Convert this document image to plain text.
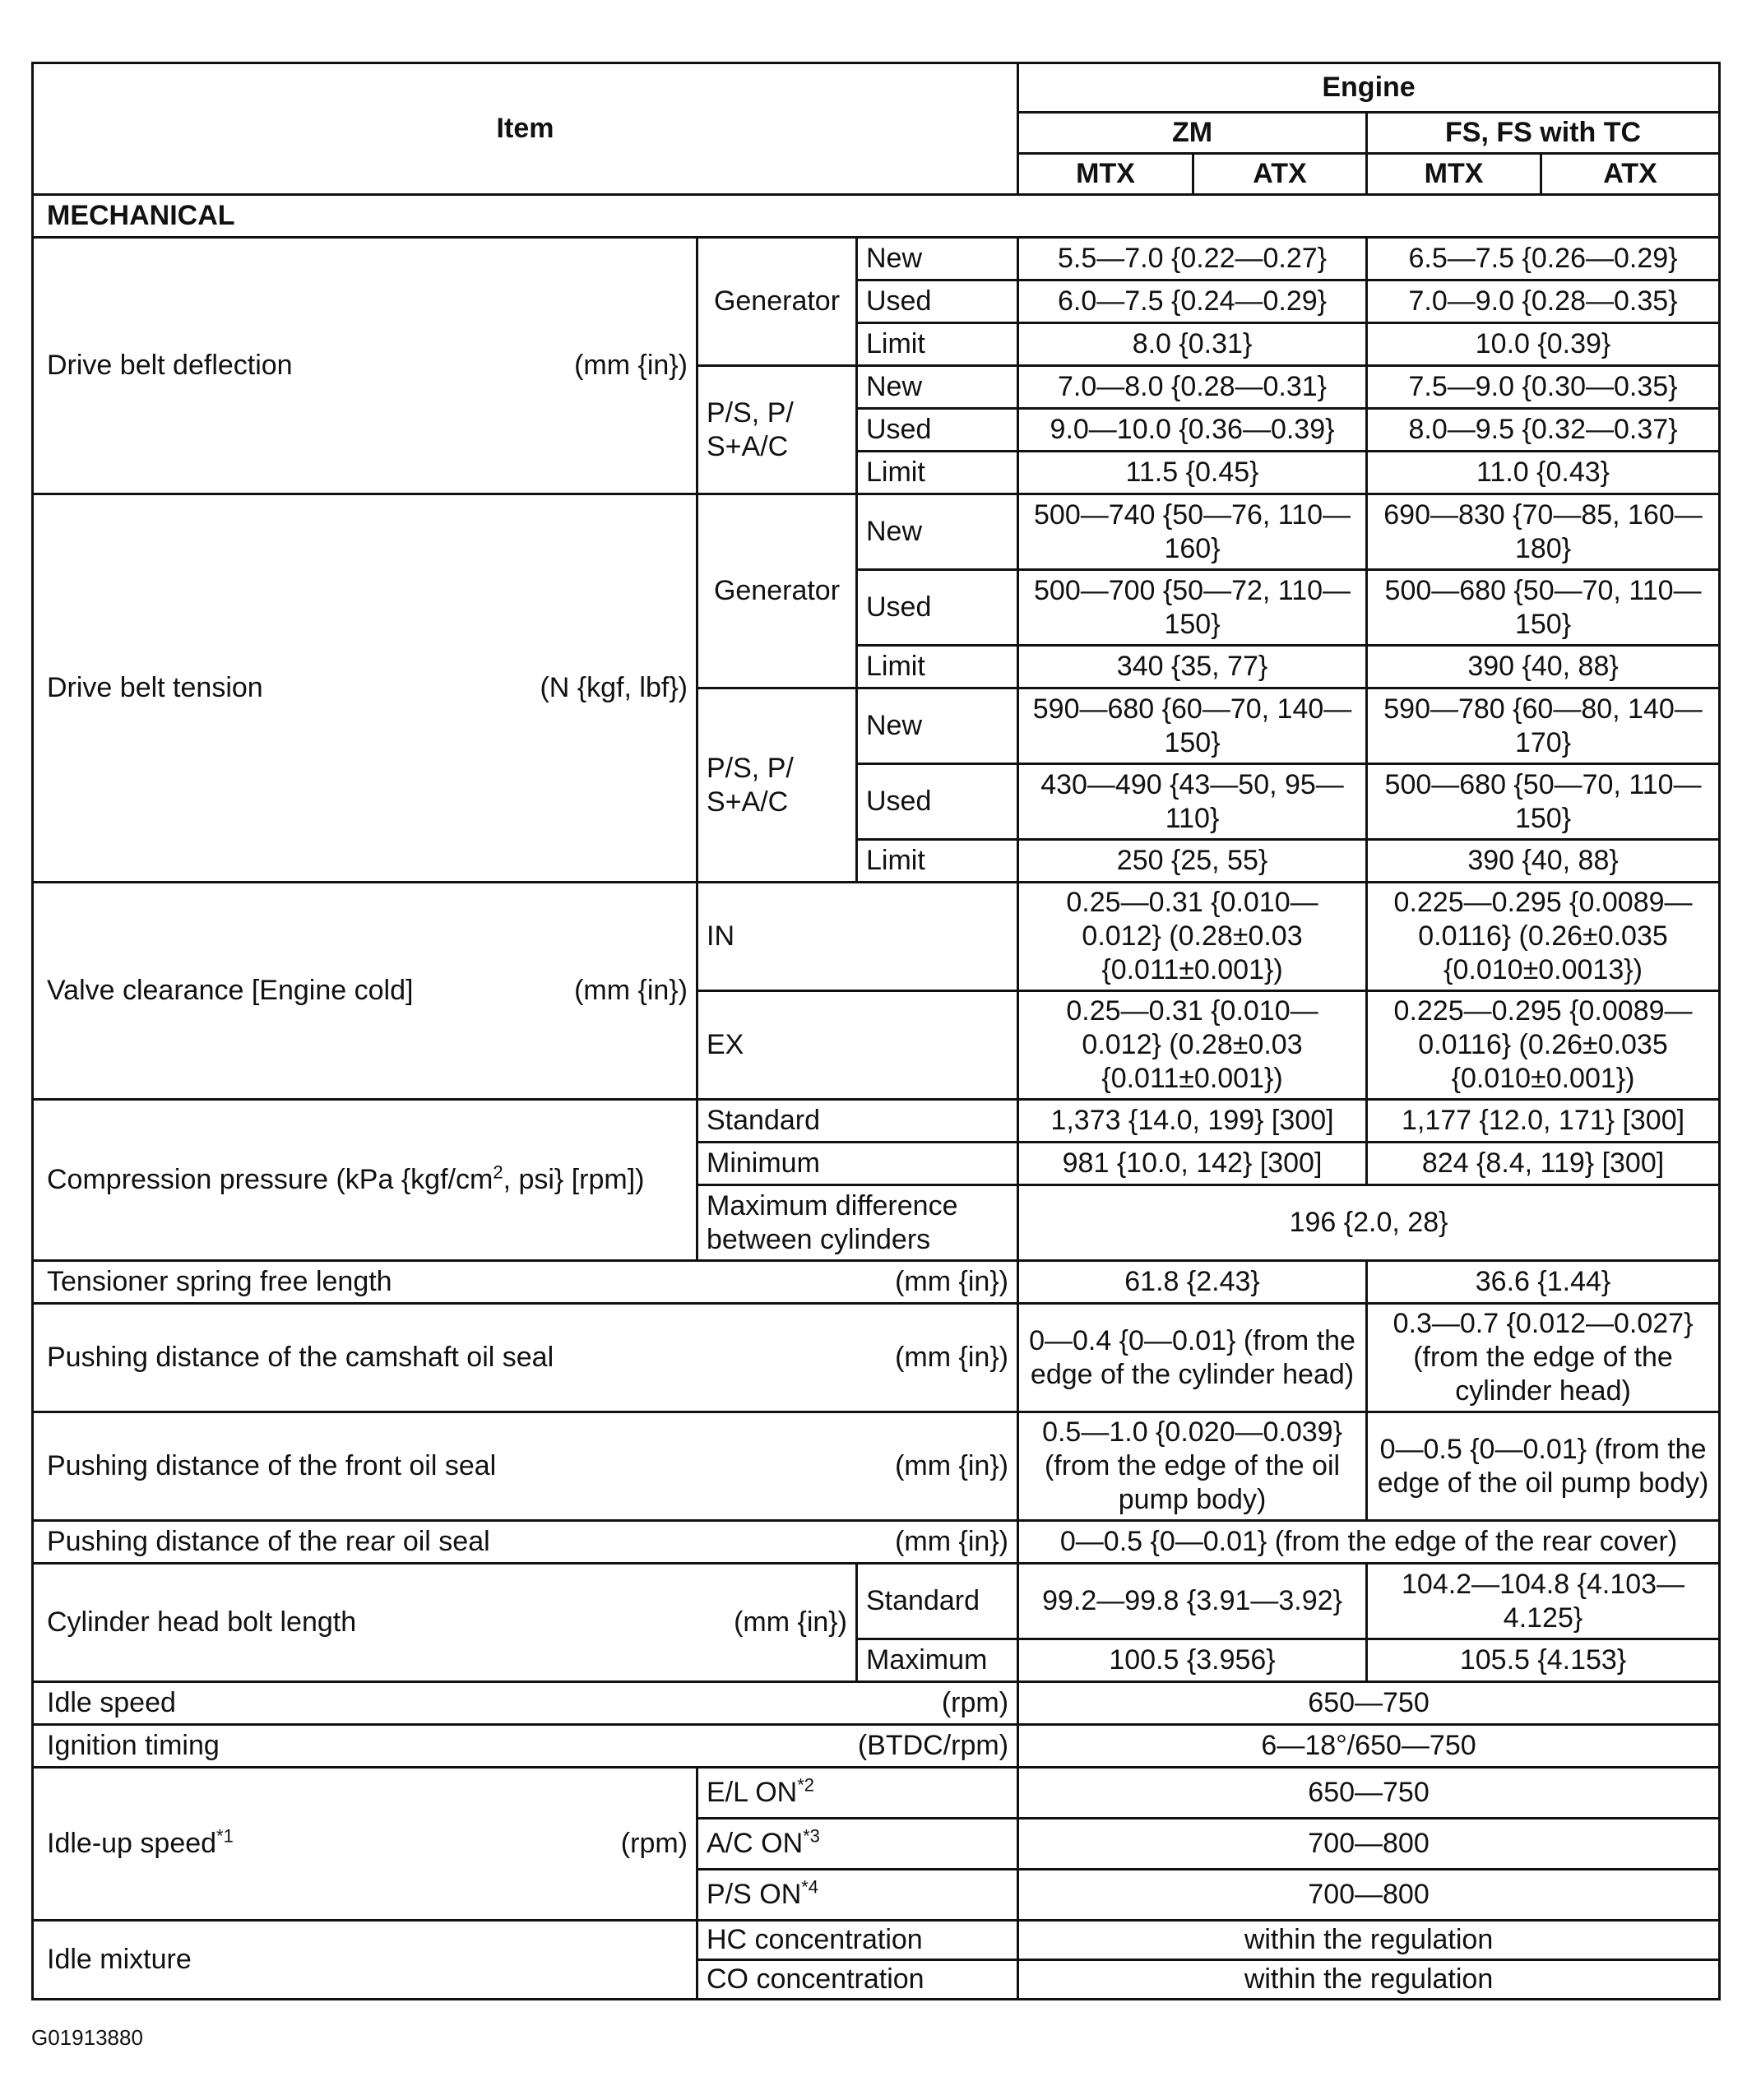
Item			Engine			
			ZM		FS, FS with TC	
			MTX	ATX	MTX	ATX
MECHANICAL						

Drive belt deflection (mm {in})	Generator	New	5.5—7.0 {0.22—0.27}		6.5—7.5 {0.26—0.29}	
		Used	6.0—7.5 {0.24—0.29}		7.0—9.0 {0.28—0.35}	
		Limit	8.0 {0.31}		10.0 {0.39}	
	P/S, P/ S+A/C	New	7.0—8.0 {0.28—0.31}		7.5—9.0 {0.30—0.35}	
		Used	9.0—10.0 {0.36—0.39}		8.0—9.5 {0.32—0.37}	
		Limit	11.5 {0.45}		11.0 {0.43}	

Drive belt tension (N {kgf, lbf})	Generator	New	500—740 {50—76, 110—160}		690—830 {70—85, 160—180}	
		Used	500—700 {50—72, 110—150}		500—680 {50—70, 110—150}	
		Limit	340 {35, 77}		390 {40, 88}	
	P/S, P/ S+A/C	New	590—680 {60—70, 140—150}		590—780 {60—80, 140—170}	
		Used	430—490 {43—50, 95—110}		500—680 {50—70, 110—150}	
		Limit	250 {25, 55}		390 {40, 88}	

Valve clearance [Engine cold] (mm {in})	IN		0.25—0.31 {0.010—0.012} (0.28±0.03 {0.011±0.001})		0.225—0.295 {0.0089—0.0116} (0.26±0.035 {0.010±0.0013})	
	EX		0.25—0.31 {0.010—0.012} (0.28±0.03 {0.011±0.001})		0.225—0.295 {0.0089—0.0116} (0.26±0.035 {0.010±0.001})	
Compression pressure (kPa {$kgf/cm^2$, psi} [rpm])	Standard		1,373 {14.0, 199} [300]		1,177 {12.0, 171} [300]	
	Minimum		981 {10.0, 142} [300]		824 {8.4, 119} [300]	
	Maximum difference between cylinders		196 {2.0, 28}			

Tensioner spring free length (mm {in})			61.8 {2.43}		36.6 {1.44}	

Pushing distance of the camshaft oil seal (mm {in})			0—0.4 {0—0.01} (from the edge of the cylinder head)		0.3—0.7 {0.012—0.027} (from the edge of the cylinder head)	

Pushing distance of the front oil seal (mm {in})			0.5—1.0 {0.020—0.039} (from the edge of the oil pump body)		0—0.5 {0—0.01} (from the edge of the oil pump body)	

Pushing distance of the rear oil seal (mm {in})			0—0.5 {0—0.01} (from the edge of the rear cover)			

Cylinder head bolt length (mm {in})		Standard	99.2—99.8 {3.91—3.92}		104.2—104.8 {4.103—4.125}	
		Maximum	100.5 {3.956}		105.5 {4.153}	

Idle speed (rpm)			650—750			

Ignition timing (BTDC/rpm)			6—18°/650—750			

Idle-up speed$^{*1}$ (rpm)	E/L ON$^{*2}$		650—750			
	A/C ON$^{*3}$		700—800			
	P/S ON$^{*4}$		700—800			
Idle mixture	HC concentration		within the regulation			
	CO concentration		within the regulation			
G01913880
